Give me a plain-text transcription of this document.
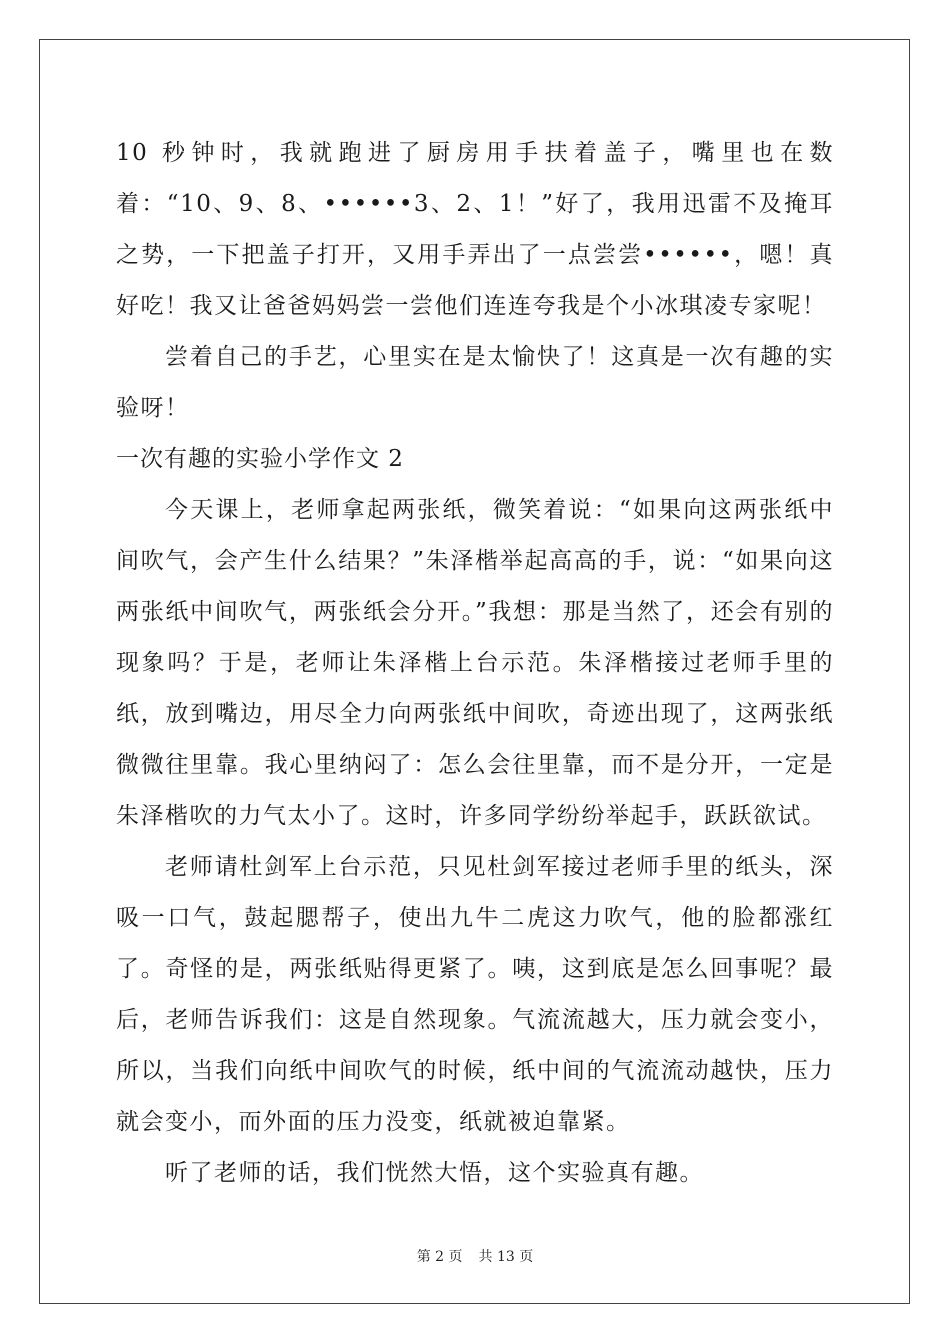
10 秒钟时，我就跑进了厨房用手扶着盖子，嘴里也在数着：“10、9、8、••••••3、2、1！”好了，我用迅雷不及掩耳之势，一下把盖子打开，又用手弄出了一点尝尝••••••，嗯！真好吃！我又让爸爸妈妈尝一尝他们连连夸我是个小冰琪凌专家呢！

尝着自己的手艺，心里实在是太愉快了！这真是一次有趣的实验呀！

一次有趣的实验小学作文 2

今天课上，老师拿起两张纸，微笑着说：“如果向这两张纸中间吹气，会产生什么结果？”朱泽楷举起高高的手，说：“如果向这两张纸中间吹气，两张纸会分开。”我想：那是当然了，还会有别的现象吗？于是，老师让朱泽楷上台示范。朱泽楷接过老师手里的纸，放到嘴边，用尽全力向两张纸中间吹，奇迹出现了，这两张纸微微往里靠。我心里纳闷了：怎么会往里靠，而不是分开，一定是朱泽楷吹的力气太小了。这时，许多同学纷纷举起手，跃跃欲试。

老师请杜剑军上台示范，只见杜剑军接过老师手里的纸头，深吸一口气，鼓起腮帮子，使出九牛二虎这力吹气，他的脸都涨红了。奇怪的是，两张纸贴得更紧了。咦，这到底是怎么回事呢？最后，老师告诉我们：这是自然现象。气流流越大，压力就会变小，所以，当我们向纸中间吹气的时候，纸中间的气流流动越快，压力就会变小，而外面的压力没变，纸就被迫靠紧。

听了老师的话，我们恍然大悟，这个实验真有趣。

第 2 页 共 13 页
